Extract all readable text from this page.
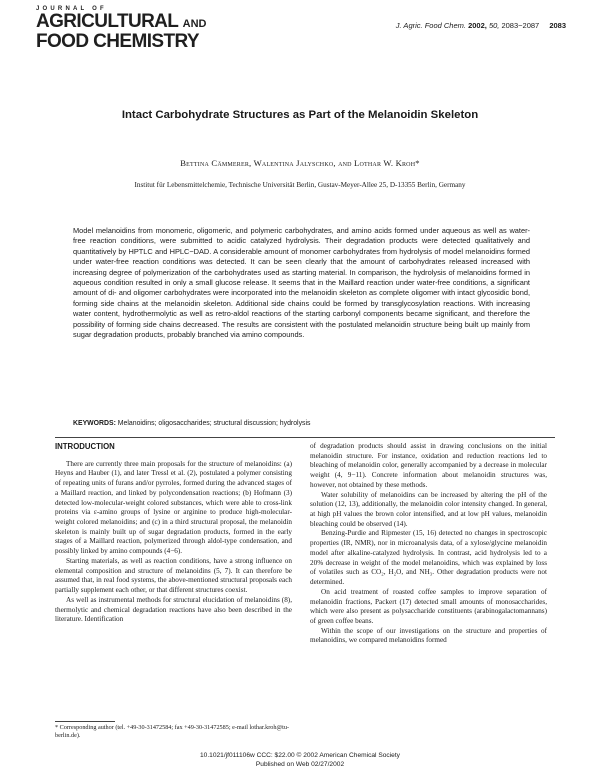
JOURNAL OF
AGRICULTURAL AND
FOOD CHEMISTRY
J. Agric. Food Chem. 2002, 50, 2083−2087 2083
Intact Carbohydrate Structures as Part of the Melanoidin Skeleton
Bettina Cämmerer, Walentina Jalyschko, and Lothar W. Kroh*
Institut für Lebensmittelchemie, Technische Universität Berlin, Gustav-Meyer-Allee 25, D-13355 Berlin, Germany
Model melanoidins from monomeric, oligomeric, and polymeric carbohydrates, and amino acids formed under aqueous as well as water-free reaction conditions, were submitted to acidic catalyzed hydrolysis. Their degradation products were detected qualitatively and quantitatively by HPTLC and HPLC−DAD. A considerable amount of monomer carbohydrates from hydrolysis of model melanoidins formed under water-free reaction conditions was detected. It can be seen clearly that the amount of carbohydrates released increased with increasing degree of polymerization of the carbohydrates used as starting material. In comparison, the hydrolysis of melanoidins formed in aqueous condition resulted in only a small glucose release. It seems that in the Maillard reaction under water-free conditions, a significant amount of di- and oligomer carbohydrates were incorporated into the melanoidin skeleton as complete oligomer with intact glycosidic bond, forming side chains at the melanoidin skeleton. Additional side chains could be formed by transglycosylation reactions. With increasing water content, hydrothermolytic as well as retro-aldol reactions of the starting carbonyl components became significant, and therefore the possibility of forming side chains decreased. The results are consistent with the postulated melanoidin structure being built up mainly from sugar degradation products, probably branched via amino compounds.
KEYWORDS: Melanoidins; oligosaccharides; structural discussion; hydrolysis
INTRODUCTION

There are currently three main proposals for the structure of melanoidins: (a) Heyns and Hauber (1), and later Tressl et al. (2), postulated a polymer consisting of repeating units of furans and/or pyrroles, formed during the advanced stages of a Maillard reaction, and linked by polycondensation reactions; (b) Hofmann (3) detected low-molecular-weight colored substances, which were able to cross-link proteins via ε-amino groups of lysine or arginine to produce high-molecular-weight colored melanoidins; and (c) in a third structural proposal, the melanoidin skeleton is mainly built up of sugar degradation products, formed in the early stages of a Maillard reaction, polymerized through aldol-type condensation, and possibly linked by amino compounds (4−6).

Starting materials, as well as reaction conditions, have a strong influence on elemental composition and structure of melanoidins (5, 7). It can therefore be assumed that, in real food systems, the above-mentioned structural proposals each partially supplement each other, or that different structures coexist.

As well as instrumental methods for structural elucidation of melanoidins (8), thermolytic and chemical degradation reactions have also been described in the literature. Identification

of degradation products should assist in drawing conclusions on the initial melanoidin structure. For instance, oxidation and reduction reactions led to bleaching of melanoidin color, generally accompanied by a decrease in molecular weight (4, 9−11). Concrete information about melanoidin structures was, however, not obtained by these methods.

Water solubility of melanoidins can be increased by altering the pH of the solution (12, 13), additionally, the melanoidin color intensity changed. In general, at high pH values the brown color intensified, and at low pH values, melanoidin bleaching could be observed (14).

Benzing-Purdie and Ripmester (15, 16) detected no changes in spectroscopic properties (IR, NMR), nor in microanalysis data, of a xylose/glycine melanoidin model after alkaline-catalyzed hydrolysis. In contrast, acid hydrolysis led to a 20% decrease in weight of the model melanoidins, which was explained by loss of volatiles such as CO₂, H₂O, and NH₃. Other degradation products were not determined.

On acid treatment of roasted coffee samples to improve separation of melanoidin fractions, Packert (17) detected small amounts of monosaccharides, which were also present as polysaccharide constituents (arabinogalactomannans) of green coffee beans.

Within the scope of our investigations on the structure and properties of melanoidins, we compared melanoidins formed

* Corresponding author (tel. +49-30-31472584; fax +49-30-31472585; e-mail lothar.kroh@tu-berlin.de).
10.1021/jf011106w CCC: $22.00 © 2002 American Chemical Society
Published on Web 02/27/2002
